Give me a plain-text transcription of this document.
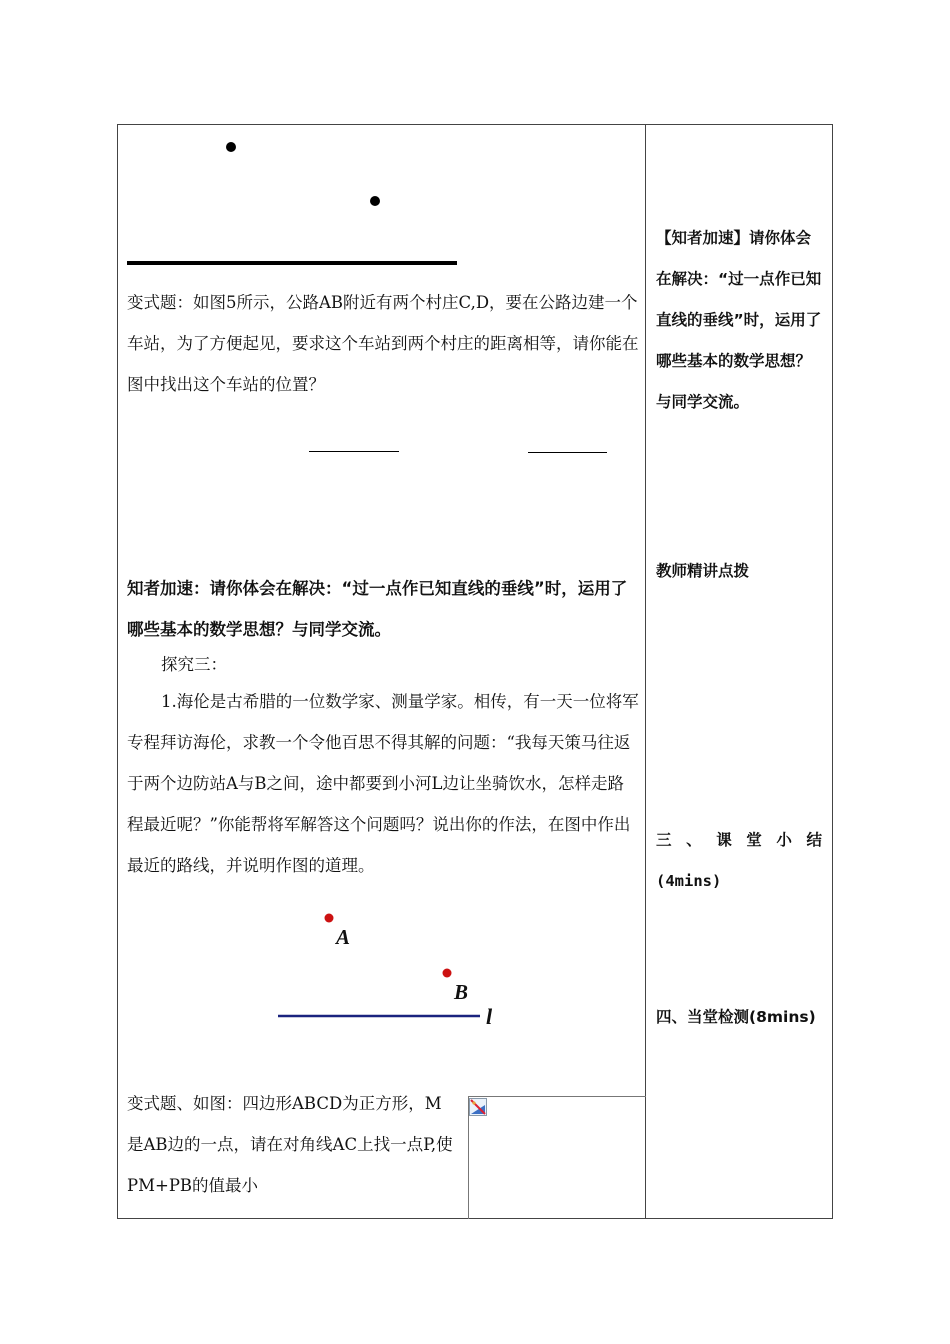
变式题：如图5所示，公路AB附近有两个村庄C,D，要在公路边建一个车站，为了方便起见，要求这个车站到两个村庄的距离相等，请你能在图中找出这个车站的位置？
知者加速：请你体会在解决：“过一点作已知直线的垂线”时，运用了哪些基本的数学思想？与同学交流。
探究三：
1.海伦是古希腊的一位数学家、测量学家。相传，有一天一位将军专程拜访海伦，求教一个令他百思不得其解的问题：“我每天策马往返于两个边防站A与B之间，途中都要到小河L边让坐骑饮水，怎样走路程最近呢？”你能帮将军解答这个问题吗？说出你的作法，在图中作出最近的路线，并说明作图的道理。
A
B
l
变式题、如图：四边形ABCD为正方形，M是AB边的一点，请在对角线AC上找一点P,使PM+PB的值最小
【知者加速】请你体会在解决：“过一点作已知直线的垂线”时，运用了哪些基本的数学思想？与同学交流。
教师精讲点拨
三、课堂小结
(4mins)
四、当堂检测(8mins)
